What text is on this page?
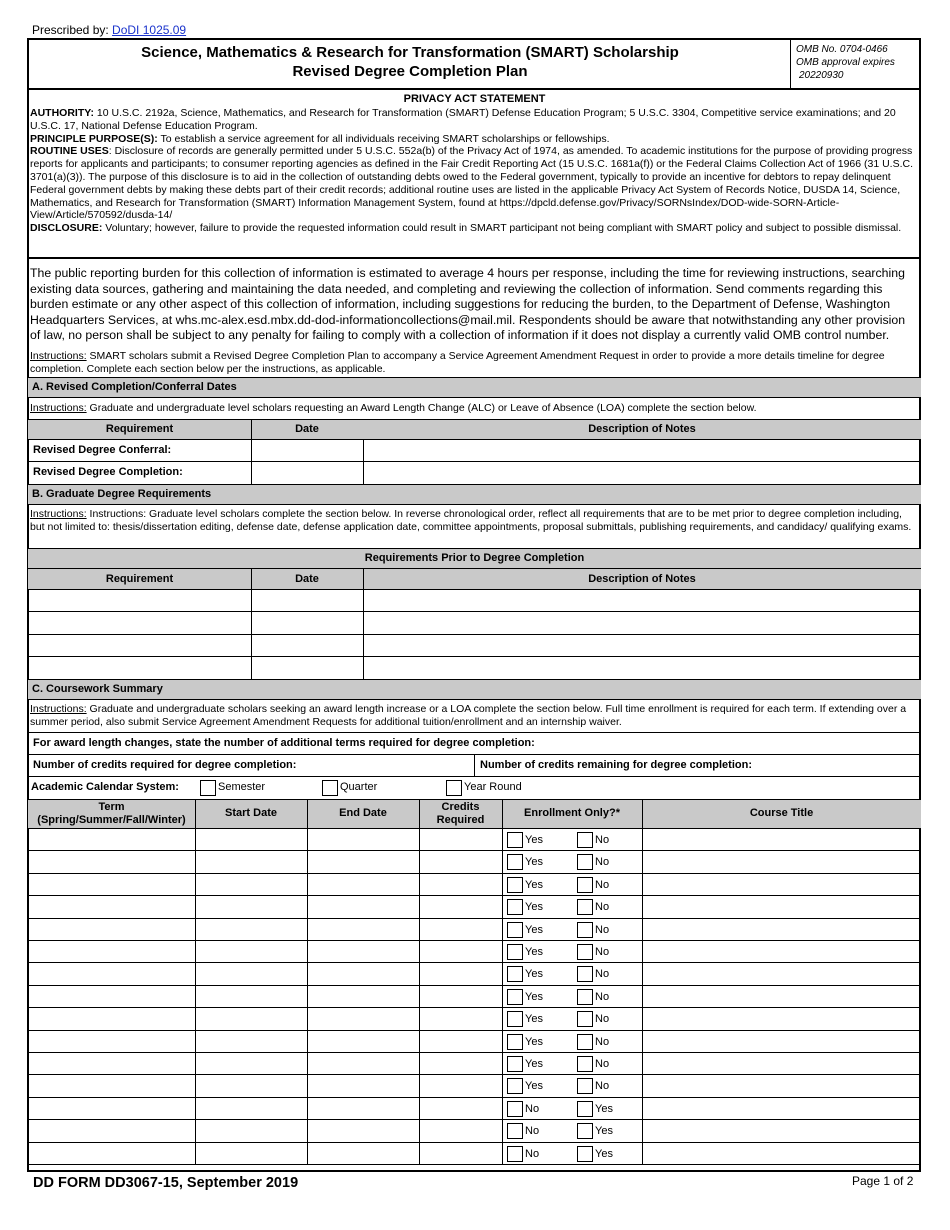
Prescribed by: DoDI 1025.09
Science, Mathematics & Research for Transformation (SMART) Scholarship
Revised Degree Completion Plan
OMB No. 0704-0466
OMB approval expires
20220930
PRIVACY ACT STATEMENT
AUTHORITY: 10 U.S.C. 2192a, Science, Mathematics, and Research for Transformation (SMART) Defense Education Program; 5 U.S.C. 3304, Competitive service examinations; and 20 U.S.C. 17, National Defense Education Program.
PRINCIPLE PURPOSE(S): To establish a service agreement for all individuals receiving SMART scholarships or fellowships.
ROUTINE USES: Disclosure of records are generally permitted under 5 U.S.C. 552a(b) of the Privacy Act of 1974, as amended. To academic institutions for the purpose of providing progress reports for applicants and participants; to consumer reporting agencies as defined in the Fair Credit Reporting Act (15 U.S.C. 1681a(f)) or the Federal Claims Collection Act of 1966 (31 U.S.C. 3701(a)(3)). The purpose of this disclosure is to aid in the collection of outstanding debts owed to the Federal government, typically to provide an incentive for debtors to repay delinquent Federal government debts by making these debts part of their credit records; additional routine uses are listed in the applicable Privacy Act System of Records Notice, DUSDA 14, Science, Mathematics, and Research for Transformation (SMART) Information Management System, found at https://dpcld.defense.gov/Privacy/SORNsIndex/DOD-wide-SORN-Article-View/Article/570592/dusda-14/
DISCLOSURE: Voluntary; however, failure to provide the requested information could result in SMART participant not being compliant with SMART policy and subject to possible dismissal.
The public reporting burden for this collection of information is estimated to average 4 hours per response, including the time for reviewing instructions, searching existing data sources, gathering and maintaining the data needed, and completing and reviewing the collection of information. Send comments regarding this burden estimate or any other aspect of this collection of information, including suggestions for reducing the burden, to the Department of Defense, Washington Headquarters Services, at whs.mc-alex.esd.mbx.dd-dod-informationcollections@mail.mil. Respondents should be aware that notwithstanding any other provision of law, no person shall be subject to any penalty for failing to comply with a collection of information if it does not display a currently valid OMB control number.
Instructions: SMART scholars submit a Revised Degree Completion Plan to accompany a Service Agreement Amendment Request in order to provide a more details timeline for degree completion. Complete each section below per the instructions, as applicable.
A. Revised Completion/Conferral Dates
Instructions: Graduate and undergraduate level scholars requesting an Award Length Change (ALC) or Leave of Absence (LOA) complete the section below.
Requirement	Date	Description of Notes
Revised Degree Conferral:
Revised Degree Completion:
B. Graduate Degree Requirements
Instructions: Instructions: Graduate level scholars complete the section below. In reverse chronological order, reflect all requirements that are to be met prior to degree completion including, but not limited to: thesis/dissertation editing, defense date, defense application date, committee appointments, proposal submittals, publishing requirements, and candidacy/ qualifying exams.
Requirements Prior to Degree Completion
Requirement	Date	Description of Notes
C. Coursework Summary
Instructions: Graduate and undergraduate scholars seeking an award length increase or a LOA complete the section below. Full time enrollment is required for each term. If extending over a summer period, also submit Service Agreement Amendment Requests for additional tuition/enrollment and an internship waiver.
For award length changes, state the number of additional terms required for degree completion:
Number of credits required for degree completion:	Number of credits remaining for degree completion:
Academic Calendar System:	Semester	Quarter	Year Round
Term
(Spring/Summer/Fall/Winter)
Start Date	End Date	Credits
Required
Enrollment Only?*	Course Title
Yes	No
Yes	No
Yes	No
Yes	No
Yes	No
Yes	No
Yes	No
Yes	No
Yes	No
Yes	No
Yes	No
Yes	No
No	Yes
No	Yes
No	Yes
DD FORM DD3067-15, September 2019	Page 1 of 2
